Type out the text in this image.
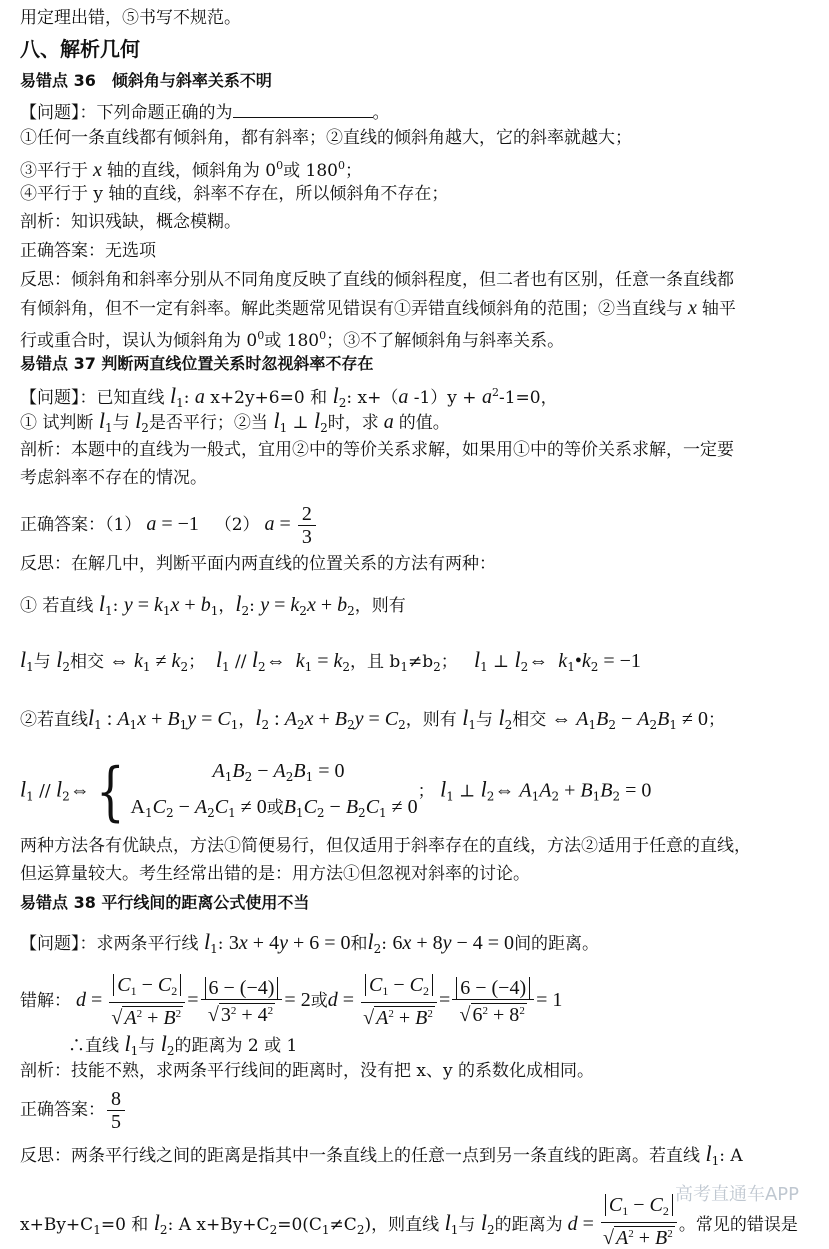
用定理出错，⑤书写不规范。
八、解析几何
易错点 36　倾斜角与斜率关系不明
【问题】：下列命题正确的为	。
①任何一条直线都有倾斜角，都有斜率；②直线的倾斜角越大，它的斜率就越大；
③平行于 x 轴的直线，倾斜角为 $0^0$或 $180^0$；
④平行于 y 轴的直线，斜率不存在，所以倾斜角不存在；
剖析：知识残缺，概念模糊。
正确答案：无选项
反思：倾斜角和斜率分别从不同角度反映了直线的倾斜程度，但二者也有区别，任意一条直线都
有倾斜角，但不一定有斜率。解此类题常见错误有①弄错直线倾斜角的范围；②当直线与 x 轴平
行或重合时，误认为倾斜角为 $0^0$或 $180^0$；③不了解倾斜角与斜率关系。
易错点 37 判断两直线位置关系时忽视斜率不存在
【问题】：已知直线 $l_1$: a x+2y+6=0 和 $l_2$: x+（a $-1)y + a^2-1=0$，
① 试判断 $l_1$与 $l_2$是否平行；②当 $l_1$ ⊥ $l_2$时，求 a 的值。
剖析：本题中的直线为一般式，宜用②中的等价关系求解，如果用①中的等价关系求解，一定要
考虑斜率不存在的情况。
正确答案：（1） a = −1   （2） $a = \frac{2}{3}$
反思：在解几中，判断平面内两直线的位置关系的方法有两种：
① 若直线 $l_1$: $y = k_1x + b_1$，$l_2$: $y = k_2x + b_2$，则有
$l_1$与 $l_2$相交 ⇔ $k_1 \ne k_2$；  $l_1$ // $l_2\Leftrightarrow$  $k_1 = k_2$，且 $b_1\ne b_2$； $l_1$ ⊥ $l_2\Leftrightarrow$  $k_1•k_2 = -1$
②若直线$l_1$ : $A_1x + B_1y = C_1$，$l_2$ : $A_2x + B_2y = C_2$，则有 $l_1$与 $l_2$相交 ⇔ $A_1B_2 - A_2B_1 \ne 0$；
$l_1$ // $l_2\Leftrightarrow${	$A_1B_2 - A_2B_1 = 0$
$A_1C_2 - A_2C_1 \ne 0$或$B_1C_2 - B_2C_1 \ne 0$
； $l_1$ ⊥ $l_2\Leftrightarrow$ $A_1A_2 + B_1B_2 = 0$
两种方法各有优缺点，方法①简便易行，但仅适用于斜率存在的直线，方法②适用于任意的直线，
但运算量较大。考生经常出错的是：用方法①但忽视对斜率的讨论。
易错点 38 平行线间的距离公式使用不当
【问题】：求两条平行线 $l_1$: 3x + 4y + 6 = 0和$l_2$: 6x + 8y − 4 = 0间的距离。
错解： $d = \frac{C_1 - C_2}{√ A^2 + B^2} = \frac{6 - (-4)}{√ 3^2 + 4^2} = 2$或$d = \frac{C_1 - C_2}{√ A^2 + B^2} = \frac{6 - (-4)}{√ 6^2 + 8^2} = 1$
∴直线 $l_1$与 $l_2$的距离为 2 或 1
剖析：技能不熟，求两条平行线间的距离时，没有把 x、y 的系数化成相同。
正确答案： $\frac{8}{5}$
反思：两条平行线之间的距离是指其中一条直线上的任意一点到另一条直线的距离。若直线 $l_1$: A
$x+By+C_1=0$ 和 $l_2$: A $x+By+C_2=0(C_1\ne C_2)$，则直线 $l_1$与 $l_2$的距离为 $d = \frac{C_1 - C_2}{√ A^2 + B^2}$ 。常见的错误是
高考直通车APP
